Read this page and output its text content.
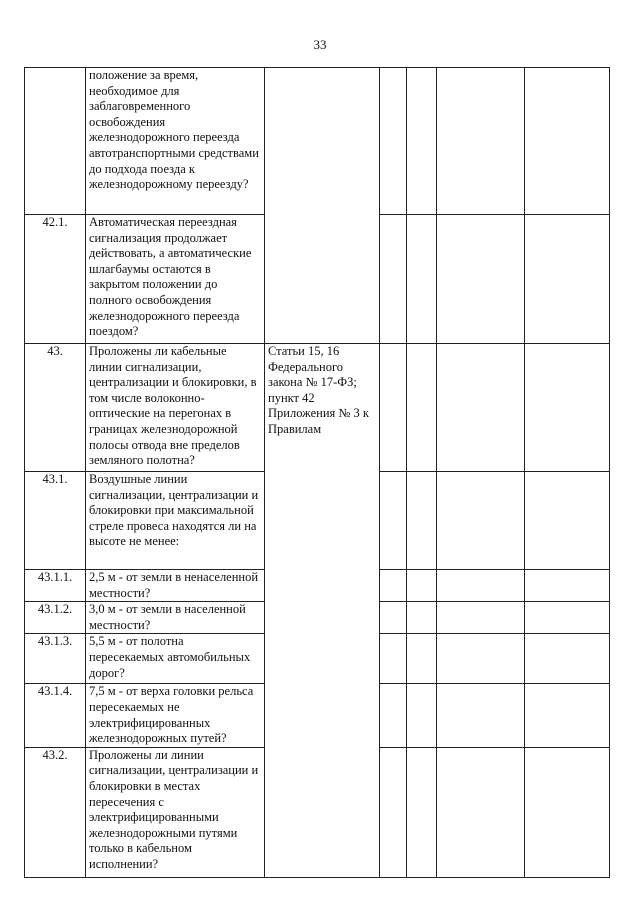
33
	положение за время, необходимое для заблаговременного освобождения железнодорожного переезда автотранспортными средствами до подхода поезда к железнодорожному переезду?					
42.1.	Автоматическая переездная сигнализация продолжает действовать, а автоматические шлагбаумы остаются в закрытом положении до полного освобождения железнодорожного переезда поездом?					
43.	Проложены ли кабельные линии сигнализации, централизации и блокировки, в том числе волоконно-оптические на перегонах в границах железнодорожной полосы отвода вне пределов земляного полотна?	Статьи 15, 16 Федерального закона № 17-ФЗ; пункт 42 Приложения № 3 к Правилам				
43.1.	Воздушные линии сигнализации, централизации и блокировки при максимальной стреле провеса находятся ли на высоте не менее:					
43.1.1.	2,5 м - от земли в ненаселенной местности?					
43.1.2.	3,0 м - от земли в населенной местности?					
43.1.3.	5,5 м - от полотна пересекаемых автомобильных дорог?					
43.1.4.	7,5 м - от верха головки рельса пересекаемых не электрифицированных железнодорожных путей?					
43.2.	Проложены ли линии сигнализации, централизации и блокировки в местах пересечения с электрифицированными железнодорожными путями только в кабельном исполнении?					
